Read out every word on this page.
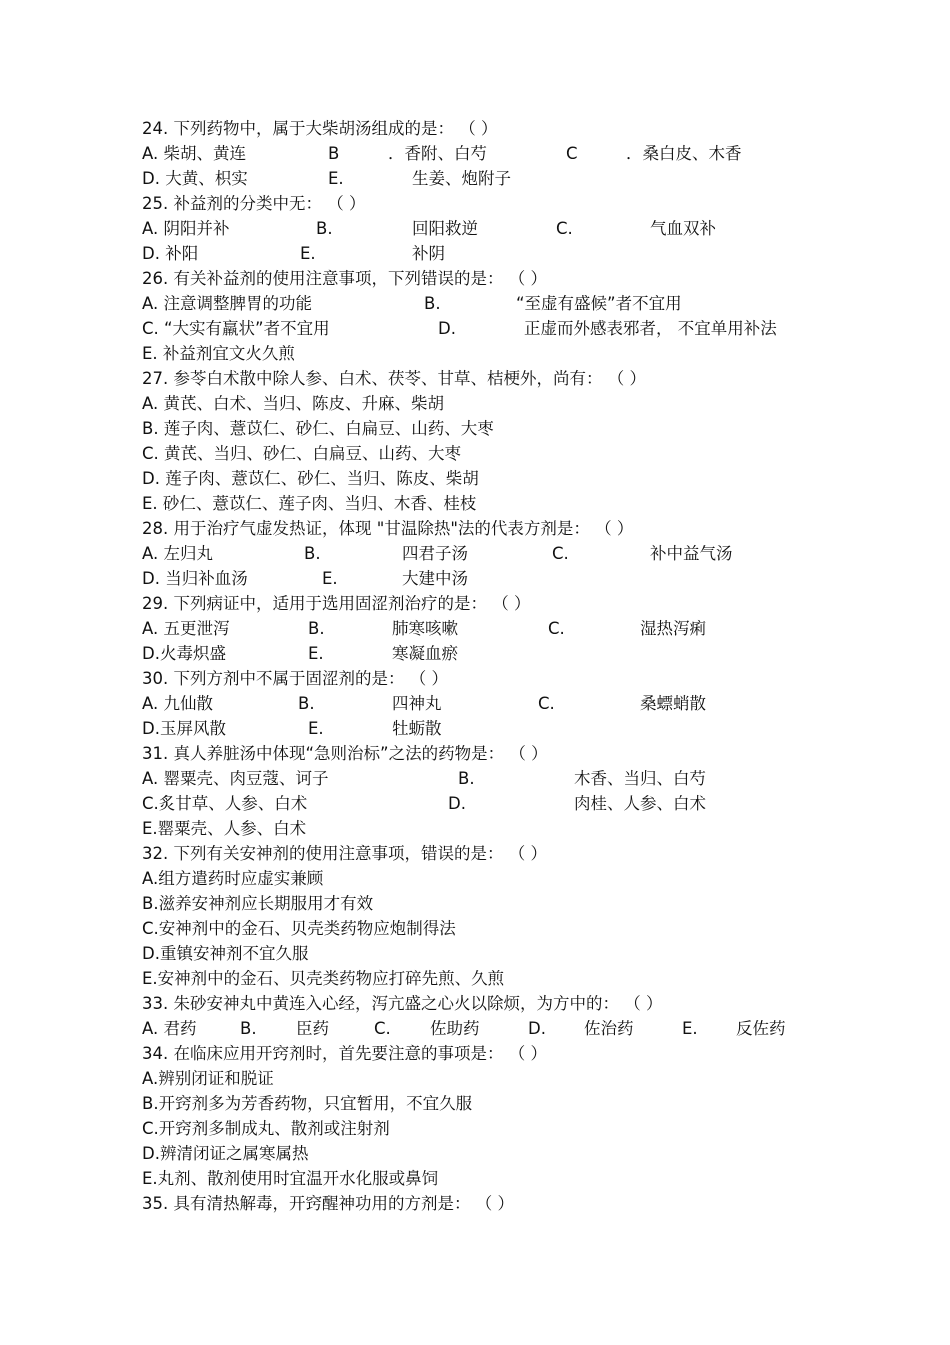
24. 下列药物中，属于大柴胡汤组成的是： （ ）
A. 柴胡、黄连	B	．香附、白芍	C	．桑白皮、木香
D. 大黄、枳实	E.	生姜、炮附子
25. 补益剂的分类中无： （ ）
A. 阴阳并补	B.	回阳救逆	C.	气血双补
D. 补阳	E.	补阴
26. 有关补益剂的使用注意事项，下列错误的是： （ ）
A. 注意调整脾胃的功能	B.	“至虚有盛候”者不宜用
C. “大实有羸状”者不宜用	D.	正虚而外感表邪者， 不宜单用补法
E. 补益剂宜文火久煎
27. 参苓白术散中除人参、白术、茯苓、甘草、桔梗外，尚有： （ ）
A. 黄芪、白术、当归、陈皮、升麻、柴胡
B. 莲子肉、薏苡仁、砂仁、白扁豆、山药、大枣
C. 黄芪、当归、砂仁、白扁豆、山药、大枣
D. 莲子肉、薏苡仁、砂仁、当归、陈皮、柴胡
E. 砂仁、薏苡仁、莲子肉、当归、木香、桂枝
28. 用于治疗气虚发热证，体现 "甘温除热"法的代表方剂是： （ ）
A. 左归丸	B.	四君子汤	C.	补中益气汤
D. 当归补血汤	E.	大建中汤
29. 下列病证中，适用于选用固涩剂治疗的是： （ ）
A. 五更泄泻	B.	肺寒咳嗽	C.	湿热泻痢
D.火毒炽盛	E.	寒凝血瘀
30. 下列方剂中不属于固涩剂的是： （ ）
A. 九仙散	B.	四神丸	C.	桑螵蛸散
D.玉屏风散	E.	牡蛎散
31. 真人养脏汤中体现“急则治标”之法的药物是： （ ）
A. 罂粟壳、肉豆蔻、诃子	B.	木香、当归、白芍
C.炙甘草、人参、白术	D.	肉桂、人参、白术
E.罂粟壳、人参、白术
32. 下列有关安神剂的使用注意事项，错误的是： （ ）
A.组方遣药时应虚实兼顾
B.滋养安神剂应长期服用才有效
C.安神剂中的金石、贝壳类药物应炮制得法
D.重镇安神剂不宜久服
E.安神剂中的金石、贝壳类药物应打碎先煎、久煎
33. 朱砂安神丸中黄连入心经，泻亢盛之心火以除烦，为方中的： （ ）
A. 君药	B. 臣药	C. 佐助药	D. 佐治药	E. 反佐药
34. 在临床应用开窍剂时，首先要注意的事项是： （ ）
A.辨别闭证和脱证
B.开窍剂多为芳香药物，只宜暂用，不宜久服
C.开窍剂多制成丸、散剂或注射剂
D.辨清闭证之属寒属热
E.丸剂、散剂使用时宜温开水化服或鼻饲
35. 具有清热解毒，开窍醒神功用的方剂是： （ ）
